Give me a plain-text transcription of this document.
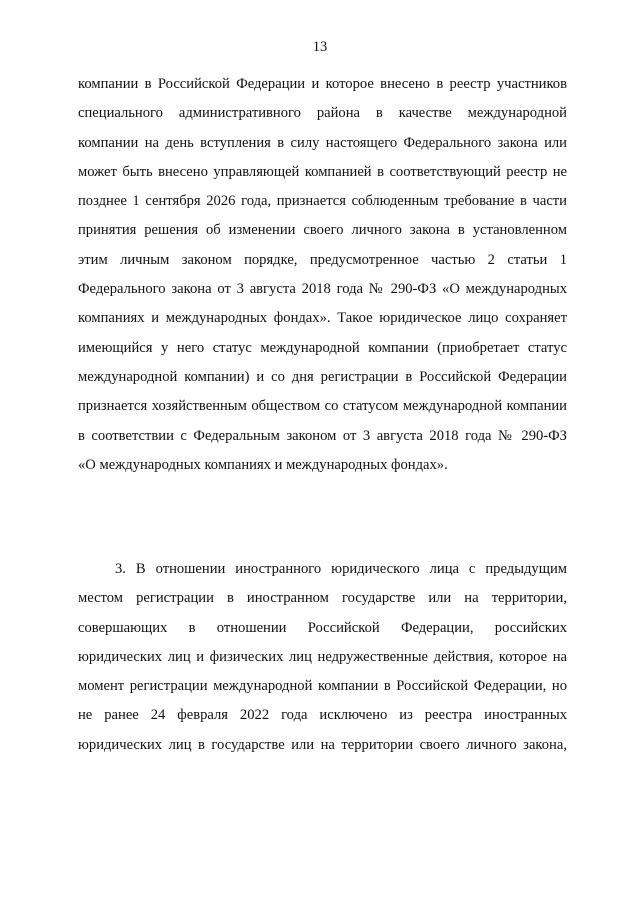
13
компании в Российской Федерации и которое внесено в реестр участников
специального административного района в качестве международной
компании на день вступления в силу настоящего Федерального закона или
может быть внесено управляющей компанией в соответствующий реестр не
позднее 1 сентября 2026 года, признается соблюденным требование в части
принятия решения об изменении своего личного закона в установленном
этим личным законом порядке, предусмотренное частью 2 статьи 1
Федерального закона от 3 августа 2018 года № 290-ФЗ «О международных
компаниях и международных фондах». Такое юридическое лицо сохраняет
имеющийся у него статус международной компании (приобретает статус
международной компании) и со дня регистрации в Российской Федерации
признается хозяйственным обществом со статусом международной компании
в соответствии с Федеральным законом от 3 августа 2018 года № 290-ФЗ
«О международных компаниях и международных фондах».
3. В отношении иностранного юридического лица с предыдущим
местом регистрации в иностранном государстве или на территории,
совершающих в отношении Российской Федерации, российских
юридических лиц и физических лиц недружественные действия, которое на
момент регистрации международной компании в Российской Федерации, но
не ранее 24 февраля 2022 года исключено из реестра иностранных
юридических лиц в государстве или на территории своего личного закона,
